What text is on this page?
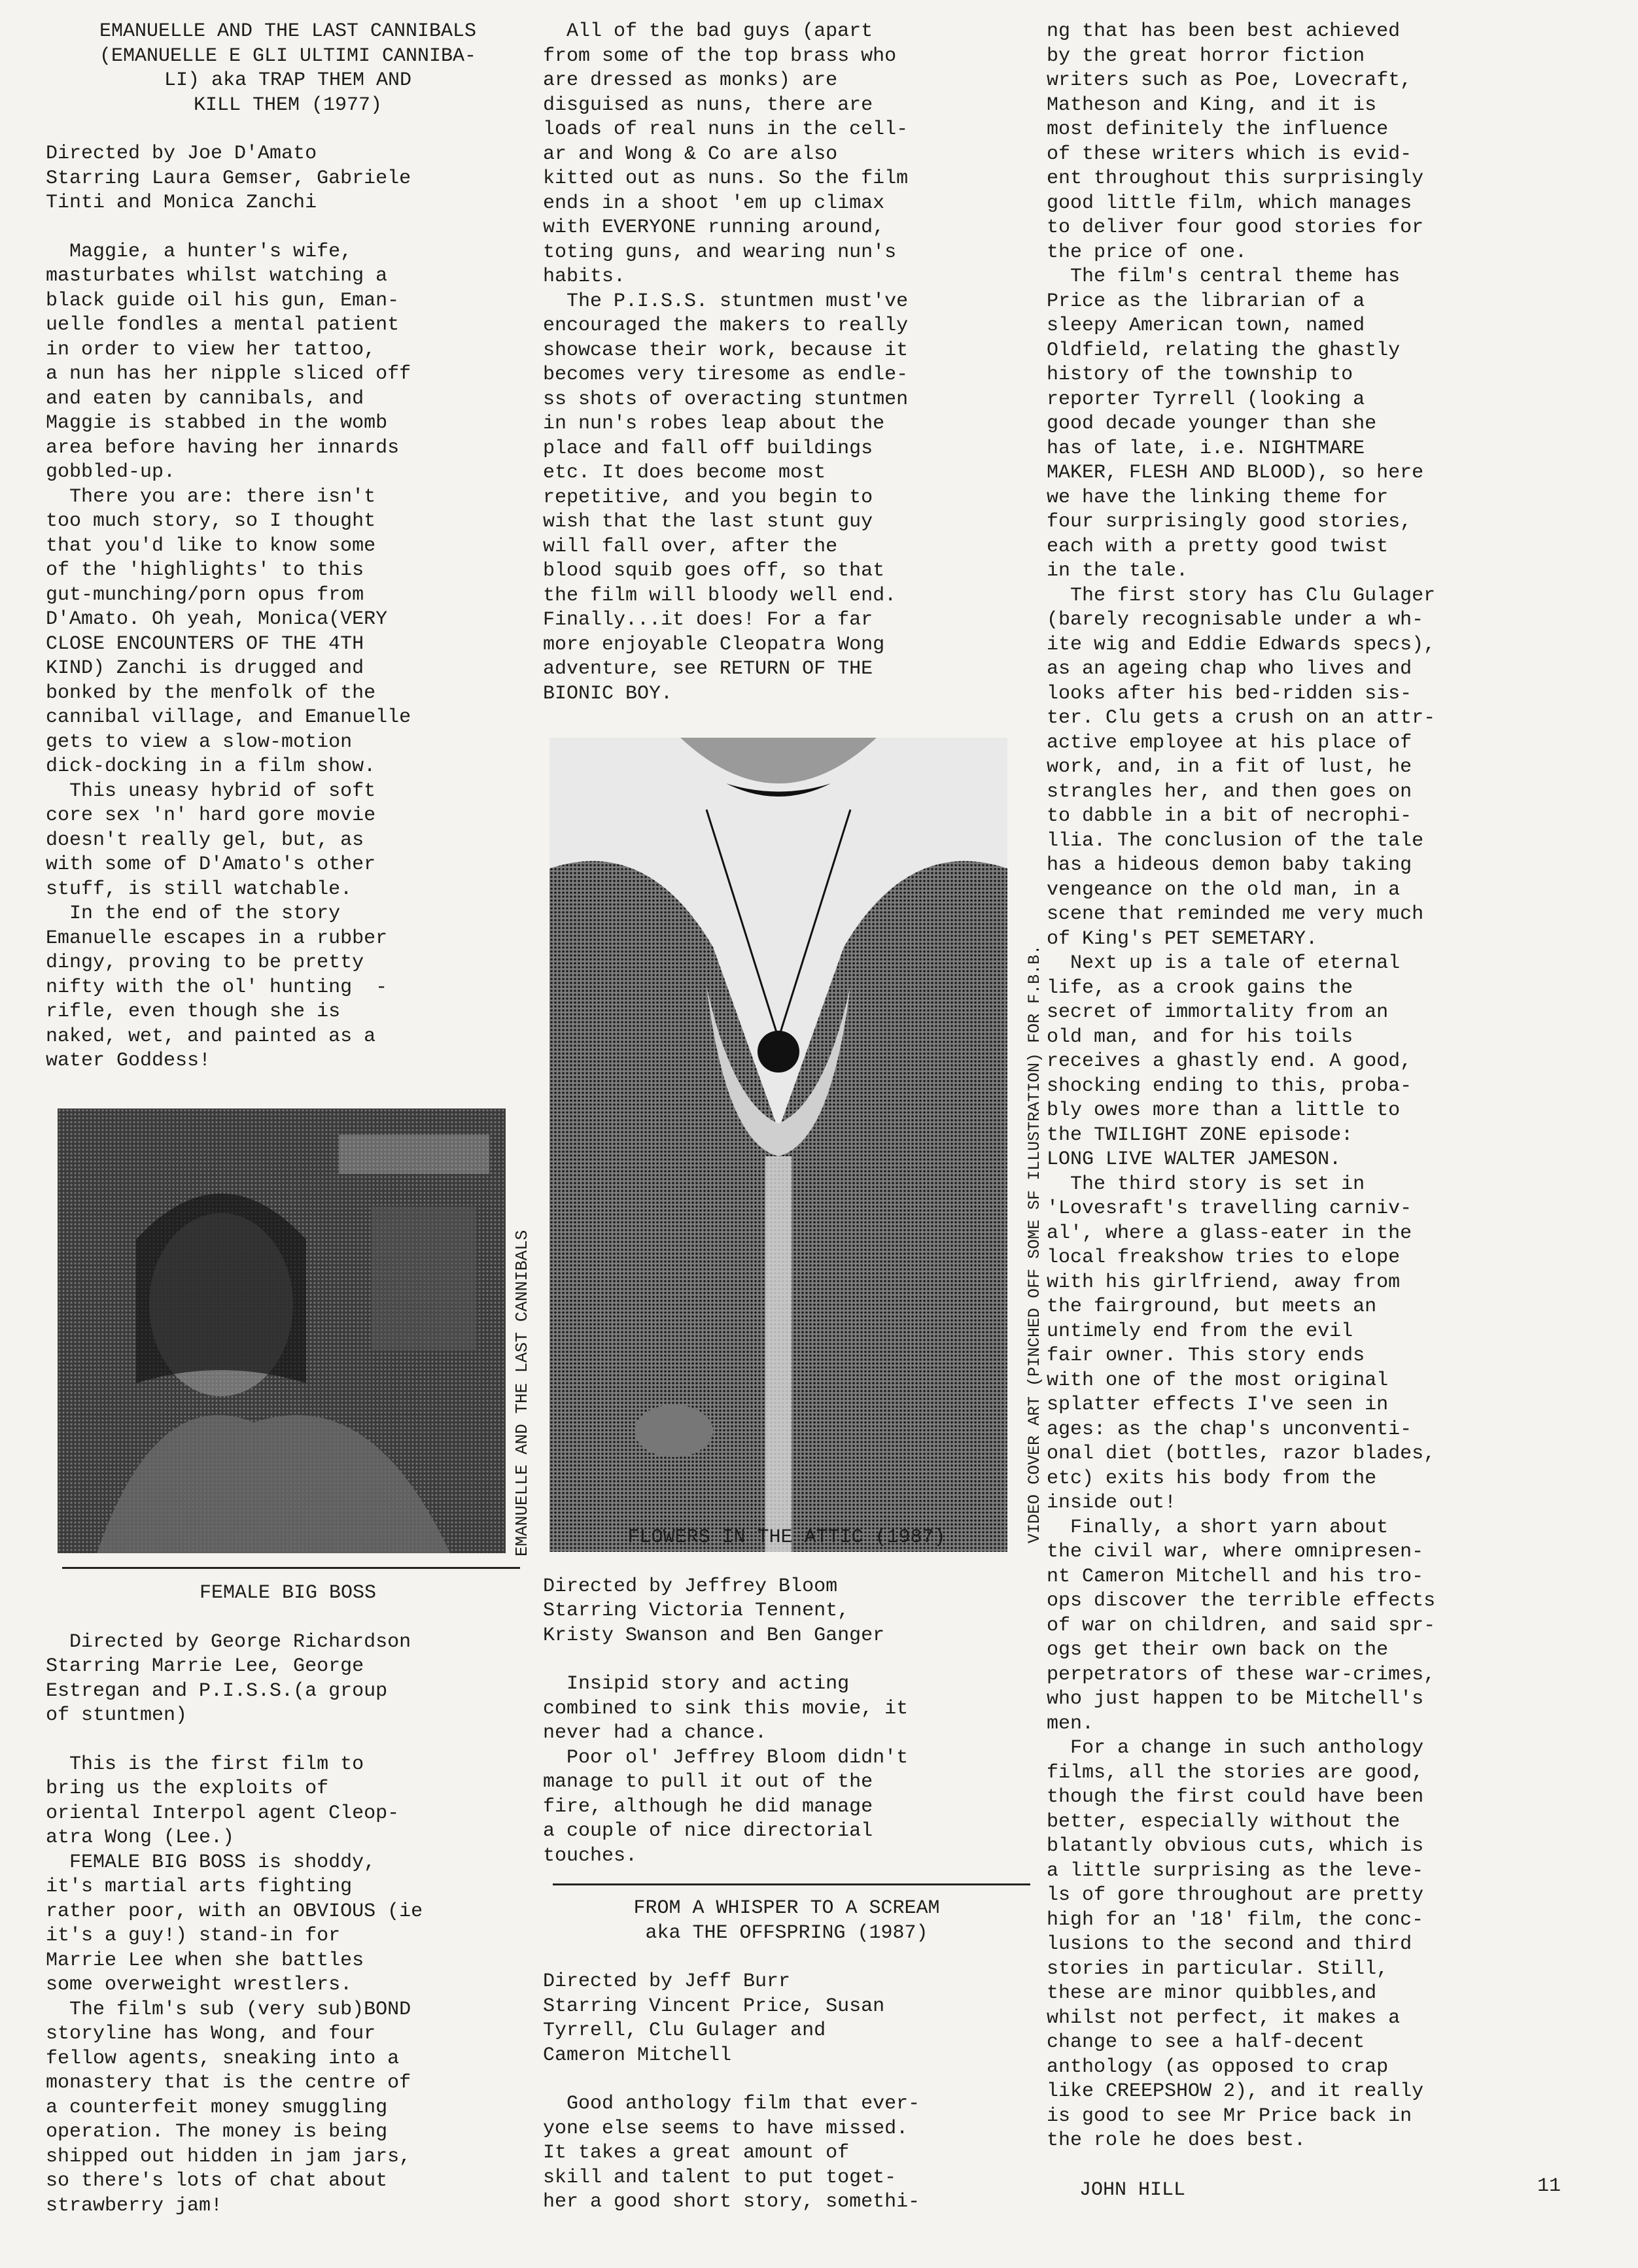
EMANUELLE AND THE LAST CANNIBALS
(EMANUELLE E GLI ULTIMI CANNIBA-
LI) aka TRAP THEM AND
KILL THEM (1977)
Directed by Joe D'Amato
Starring Laura Gemser, Gabriele
Tinti and Monica Zanchi
Maggie, a hunter's wife,
masturbates whilst watching a
black guide oil his gun, Eman-
uelle fondles a mental patient
in order to view her tattoo,
a nun has her nipple sliced off
and eaten by cannibals, and
Maggie is stabbed in the womb
area before having her innards
gobbled-up.
There you are: there isn't
too much story, so I thought
that you'd like to know some
of the 'highlights' to this
gut-munching/porn opus from
D'Amato. Oh yeah, Monica(VERY
CLOSE ENCOUNTERS OF THE 4TH
KIND) Zanchi is drugged and
bonked by the menfolk of the
cannibal village, and Emanuelle
gets to view a slow-motion
dick-docking in a film show.
This uneasy hybrid of soft
core sex 'n' hard gore movie
doesn't really gel, but, as
with some of D'Amato's other
stuff, is still watchable.
In the end of the story
Emanuelle escapes in a rubber
dingy, proving to be pretty
nifty with the ol' hunting  -
rifle, even though she is
naked, wet, and painted as a
water Goddess!
EMANUELLE AND THE LAST CANNIBALS
FEMALE BIG BOSS
Directed by George Richardson
Starring Marrie Lee, George
Estregan and P.I.S.S.(a group
of stuntmen)
This is the first film to
bring us the exploits of
oriental Interpol agent Cleop-
atra Wong (Lee.)
FEMALE BIG BOSS is shoddy,
it's martial arts fighting
rather poor, with an OBVIOUS (ie
it's a guy!) stand-in for
Marrie Lee when she battles
some overweight wrestlers.
The film's sub (very sub)BOND
storyline has Wong, and four
fellow agents, sneaking into a
monastery that is the centre of
a counterfeit money smuggling
operation. The money is being
shipped out hidden in jam jars,
so there's lots of chat about
strawberry jam!
All of the bad guys (apart
from some of the top brass who
are dressed as monks) are
disguised as nuns, there are
loads of real nuns in the cell-
ar and Wong & Co are also
kitted out as nuns. So the film
ends in a shoot 'em up climax
with EVERYONE running around,
toting guns, and wearing nun's
habits.
The P.I.S.S. stuntmen must've
encouraged the makers to really
showcase their work, because it
becomes very tiresome as endle-
ss shots of overacting stuntmen
in nun's robes leap about the
place and fall off buildings
etc. It does become most
repetitive, and you begin to
wish that the last stunt guy
will fall over, after the
blood squib goes off, so that
the film will bloody well end.
Finally...it does! For a far
more enjoyable Cleopatra Wong
adventure, see RETURN OF THE
BIONIC BOY.
VIDEO COVER ART (PINCHED OFF SOME SF ILLUSTRATION) FOR F.B.B.
FLOWERS IN THE ATTIC (1987)
Directed by Jeffrey Bloom
Starring Victoria Tennent,
Kristy Swanson and Ben Ganger
Insipid story and acting
combined to sink this movie, it
never had a chance.
Poor ol' Jeffrey Bloom didn't
manage to pull it out of the
fire, although he did manage
a couple of nice directorial
touches.
FROM A WHISPER TO A SCREAM
aka THE OFFSPRING (1987)
Directed by Jeff Burr
Starring Vincent Price, Susan
Tyrrell, Clu Gulager and
Cameron Mitchell
Good anthology film that ever-
yone else seems to have missed.
It takes a great amount of
skill and talent to put toget-
her a good short story, somethi-
ng that has been best achieved
by the great horror fiction
writers such as Poe, Lovecraft,
Matheson and King, and it is
most definitely the influence
of these writers which is evid-
ent throughout this surprisingly
good little film, which manages
to deliver four good stories for
the price of one.
The film's central theme has
Price as the librarian of a
sleepy American town, named
Oldfield, relating the ghastly
history of the township to
reporter Tyrrell (looking a
good decade younger than she
has of late, i.e. NIGHTMARE
MAKER, FLESH AND BLOOD), so here
we have the linking theme for
four surprisingly good stories,
each with a pretty good twist
in the tale.
The first story has Clu Gulager
(barely recognisable under a wh-
ite wig and Eddie Edwards specs),
as an ageing chap who lives and
looks after his bed-ridden sis-
ter. Clu gets a crush on an attr-
active employee at his place of
work, and, in a fit of lust, he
strangles her, and then goes on
to dabble in a bit of necrophi-
llia. The conclusion of the tale
has a hideous demon baby taking
vengeance on the old man, in a
scene that reminded me very much
of King's PET SEMETARY.
Next up is a tale of eternal
life, as a crook gains the
secret of immortality from an
old man, and for his toils
receives a ghastly end. A good,
shocking ending to this, proba-
bly owes more than a little to
the TWILIGHT ZONE episode:
LONG LIVE WALTER JAMESON.
The third story is set in
'Lovesraft's travelling carniv-
al', where a glass-eater in the
local freakshow tries to elope
with his girlfriend, away from
the fairground, but meets an
untimely end from the evil
fair owner. This story ends
with one of the most original
splatter effects I've seen in
ages: as the chap's unconventi-
onal diet (bottles, razor blades,
etc) exits his body from the
inside out!
Finally, a short yarn about
the civil war, where omnipresen-
nt Cameron Mitchell and his tro-
ops discover the terrible effects
of war on children, and said spr-
ogs get their own back on the
perpetrators of these war-crimes,
who just happen to be Mitchell's
men.
For a change in such anthology
films, all the stories are good,
though the first could have been
better, especially without the
blatantly obvious cuts, which is
a little surprising as the leve-
ls of gore throughout are pretty
high for an '18' film, the conc-
lusions to the second and third
stories in particular. Still,
these are minor quibbles,and
whilst not perfect, it makes a
change to see a half-decent
anthology (as opposed to crap
like CREEPSHOW 2), and it really
is good to see Mr Price back in
the role he does best.
JOHN HILL	11
